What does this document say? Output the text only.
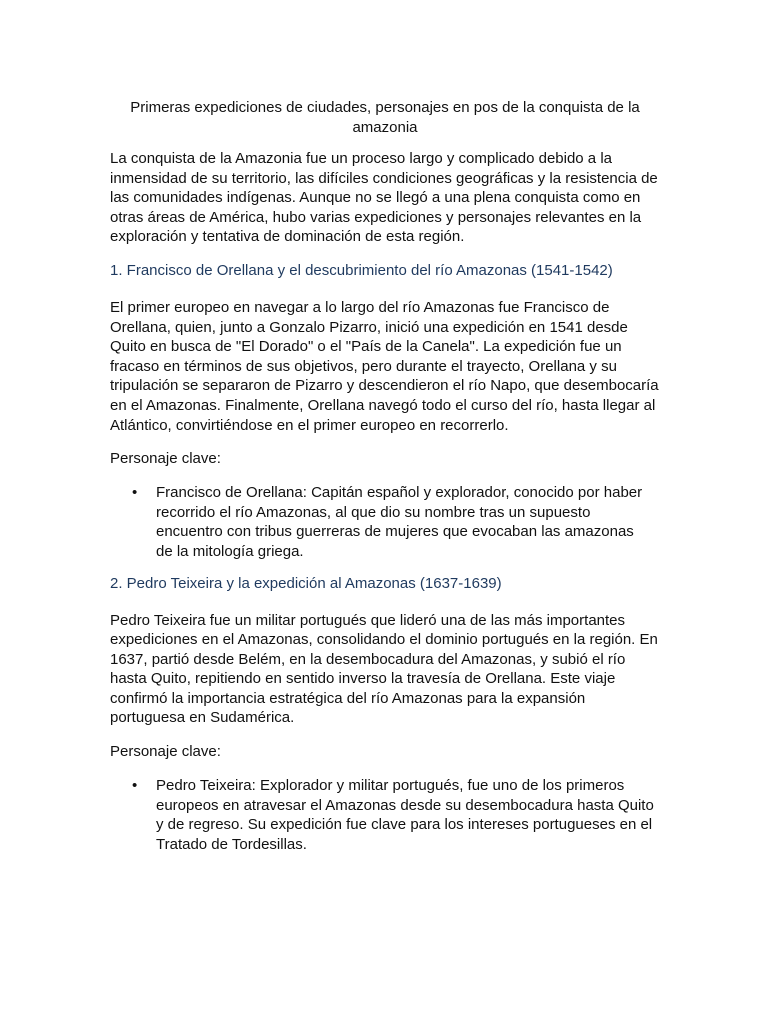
Primeras expediciones de ciudades, personajes en pos de la conquista de la amazonia

La conquista de la Amazonia fue un proceso largo y complicado debido a la inmensidad de su territorio, las difíciles condiciones geográficas y la resistencia de las comunidades indígenas. Aunque no se llegó a una plena conquista como en otras áreas de América, hubo varias expediciones y personajes relevantes en la exploración y tentativa de dominación de esta región.

1. Francisco de Orellana y el descubrimiento del río Amazonas (1541-1542)

El primer europeo en navegar a lo largo del río Amazonas fue Francisco de Orellana, quien, junto a Gonzalo Pizarro, inició una expedición en 1541 desde Quito en busca de "El Dorado" o el "País de la Canela". La expedición fue un fracaso en términos de sus objetivos, pero durante el trayecto, Orellana y su tripulación se separaron de Pizarro y descendieron el río Napo, que desembocaría en el Amazonas. Finalmente, Orellana navegó todo el curso del río, hasta llegar al Atlántico, convirtiéndose en el primer europeo en recorrerlo.

Personaje clave:

• Francisco de Orellana: Capitán español y explorador, conocido por haber recorrido el río Amazonas, al que dio su nombre tras un supuesto encuentro con tribus guerreras de mujeres que evocaban las amazonas de la mitología griega.
2. Pedro Teixeira y la expedición al Amazonas (1637-1639)

Pedro Teixeira fue un militar portugués que lideró una de las más importantes expediciones en el Amazonas, consolidando el dominio portugués en la región. En 1637, partió desde Belém, en la desembocadura del Amazonas, y subió el río hasta Quito, repitiendo en sentido inverso la travesía de Orellana. Este viaje confirmó la importancia estratégica del río Amazonas para la expansión portuguesa en Sudamérica.

Personaje clave:

• Pedro Teixeira: Explorador y militar portugués, fue uno de los primeros europeos en atravesar el Amazonas desde su desembocadura hasta Quito y de regreso. Su expedición fue clave para los intereses portugueses en el Tratado de Tordesillas.
